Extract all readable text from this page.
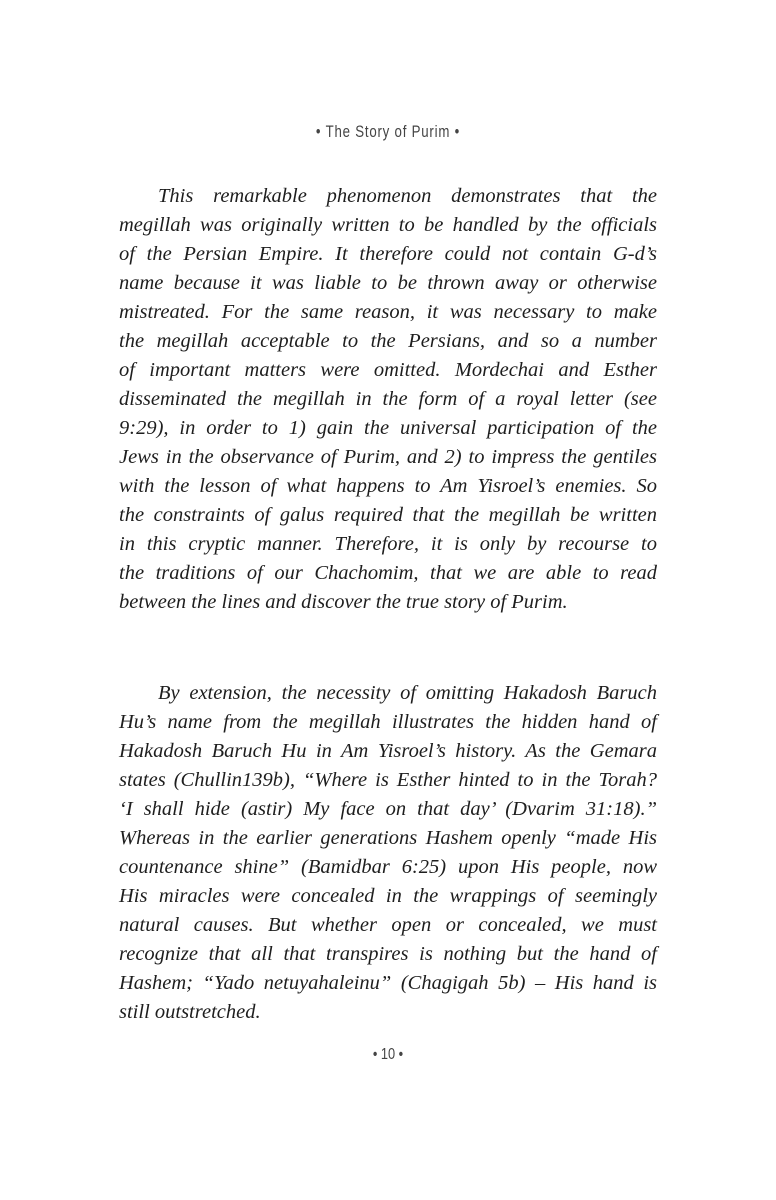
• The Story of Purim •
This remarkable phenomenon demonstrates that the
megillah was originally written to be handled by the officials
of the Persian Empire. It therefore could not contain G-d’s
name because it was liable to be thrown away or otherwise
mistreated. For the same reason, it was necessary to make
the megillah acceptable to the Persians, and so a number
of important matters were omitted. Mordechai and Esther
disseminated the megillah in the form of a royal letter (see
9:29), in order to 1) gain the universal participation of the
Jews in the observance of Purim, and 2) to impress the gentiles
with the lesson of what happens to Am Yisroel’s enemies. So
the constraints of galus required that the megillah be written
in this cryptic manner. Therefore, it is only by recourse to
the traditions of our Chachomim, that we are able to read
between the lines and discover the true story of Purim.
By extension, the necessity of omitting Hakadosh Baruch
Hu’s name from the megillah illustrates the hidden hand of
Hakadosh Baruch Hu in Am Yisroel’s history. As the Gemara
states (Chullin139b), “Where is Esther hinted to in the Torah?
‘I shall hide (astir) My face on that day’ (Dvarim 31:18).”
Whereas in the earlier generations Hashem openly “made His
countenance shine” (Bamidbar 6:25) upon His people, now
His miracles were concealed in the wrappings of seemingly
natural causes. But whether open or concealed, we must
recognize that all that transpires is nothing but the hand of
Hashem; “Yado netuyahaleinu” (Chagigah 5b) – His hand is
still outstretched.
• 10 •
